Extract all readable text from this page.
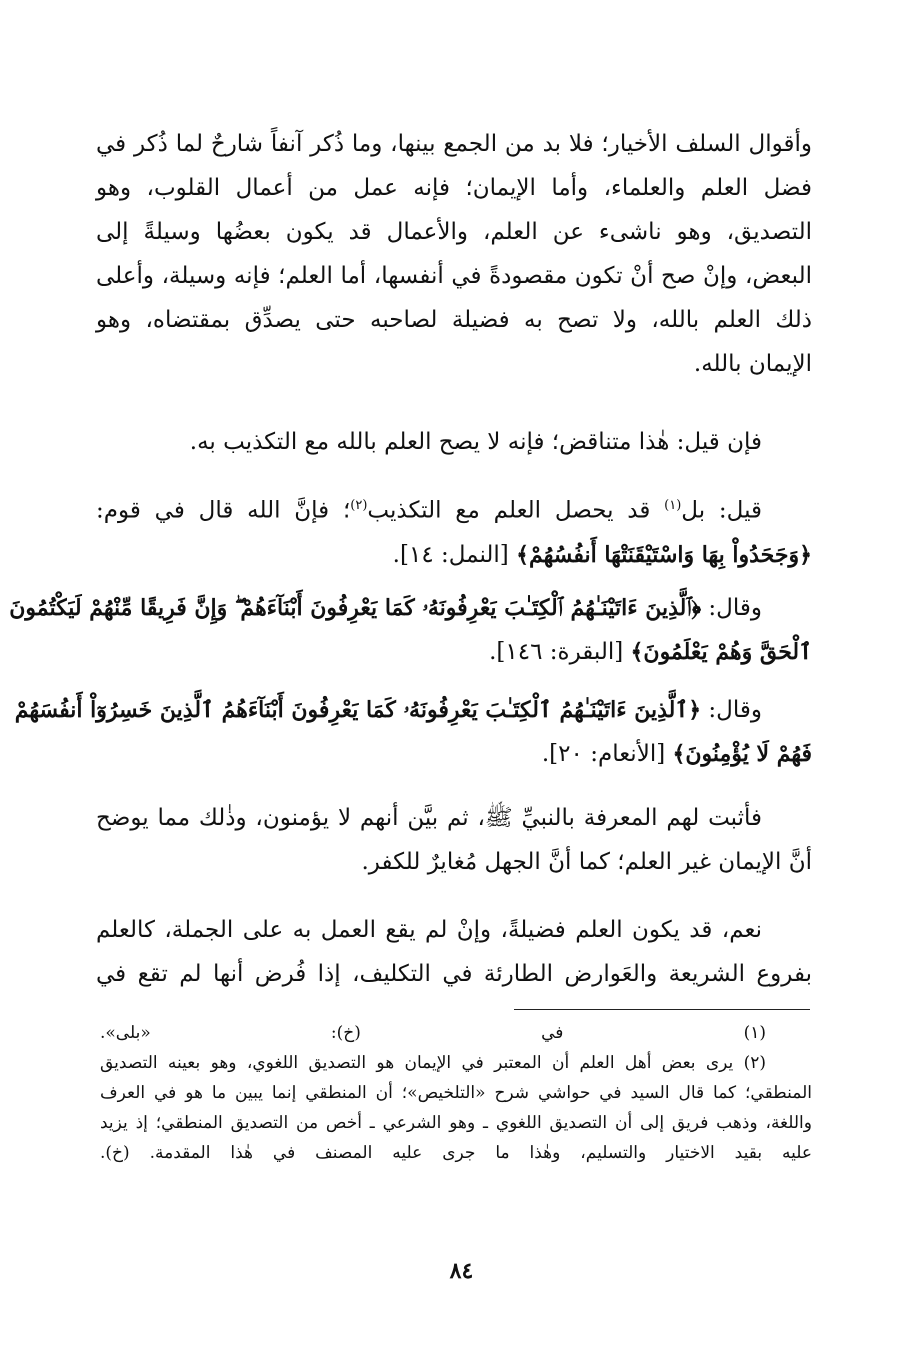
وأقوال السلف الأخيار؛ فلا بد من الجمع بينها، وما ذُكر آنفاً شارحٌ لما ذُكر في
فضل العلم والعلماء، وأما الإيمان؛ فإنه عمل من أعمال القلوب، وهو
التصديق، وهو ناشىء عن العلم، والأعمال قد يكون بعضُها وسيلةً إلى
البعض، وإنْ صح أنْ تكون مقصودةً في أنفسها، أما العلم؛ فإنه وسيلة، وأعلى
ذلك العلم بالله، ولا تصح به فضيلة لصاحبه حتى يصدِّق بمقتضاه، وهو
الإيمان بالله.
فإن قيل: هٰذا متناقض؛ فإنه لا يصح العلم بالله مع التكذيب به.
قيل: بل$^{(١)}$ قد يحصل العلم مع التكذيب$^{(٢)}$؛ فإنَّ الله قال في قوم:
﴿وَجَحَدُواْ بِهَا وَاسْتَيْقَنَتْهَا أَنفُسُهُمْ﴾ [النمل: ١٤].
وقال: ﴿ٱلَّذِينَ ءَاتَيْنَـٰهُمُ ٱلْكِتَـٰبَ يَعْرِفُونَهُۥ كَمَا يَعْرِفُونَ أَبْنَآءَهُمْ ۖ وَإِنَّ فَرِيقًا مِّنْهُمْ لَيَكْتُمُونَ
ٱلْحَقَّ وَهُمْ يَعْلَمُونَ﴾ [البقرة: ١٤٦].
وقال: ﴿ٱلَّذِينَ ءَاتَيْنَـٰهُمُ ٱلْكِتَـٰبَ يَعْرِفُونَهُۥ كَمَا يَعْرِفُونَ أَبْنَآءَهُمُ ٱلَّذِينَ خَسِرُوٓاْ أَنفُسَهُمْ
فَهُمْ لَا يُؤْمِنُونَ﴾ [الأنعام: ٢٠].
فأثبت لهم المعرفة بالنبيِّ ﷺ، ثم بيَّن أنهم لا يؤمنون، وذٰلك مما يوضح
أنَّ الإيمان غير العلم؛ كما أنَّ الجهل مُغايرٌ للكفر.
نعم، قد يكون العلم فضيلةً، وإنْ لم يقع العمل به على الجملة، كالعلم
بفروع الشريعة والعَوارض الطارئة في التكليف، إذا فُرض أنها لم تقع في
(١) في (خ): «بلى».
(٢) يرى بعض أهل العلم أن المعتبر في الإيمان هو التصديق اللغوي، وهو بعينه التصديق
المنطقي؛ كما قال السيد في حواشي شرح «التلخيص»؛ أن المنطقي إنما يبين ما هو في العرف
واللغة، وذهب فريق إلى أن التصديق اللغوي ـ وهو الشرعي ـ أخص من التصديق المنطقي؛ إذ يزيد
عليه بقيد الاختيار والتسليم، وهٰذا ما جرى عليه المصنف في هٰذا المقدمة. (خ).
٨٤
